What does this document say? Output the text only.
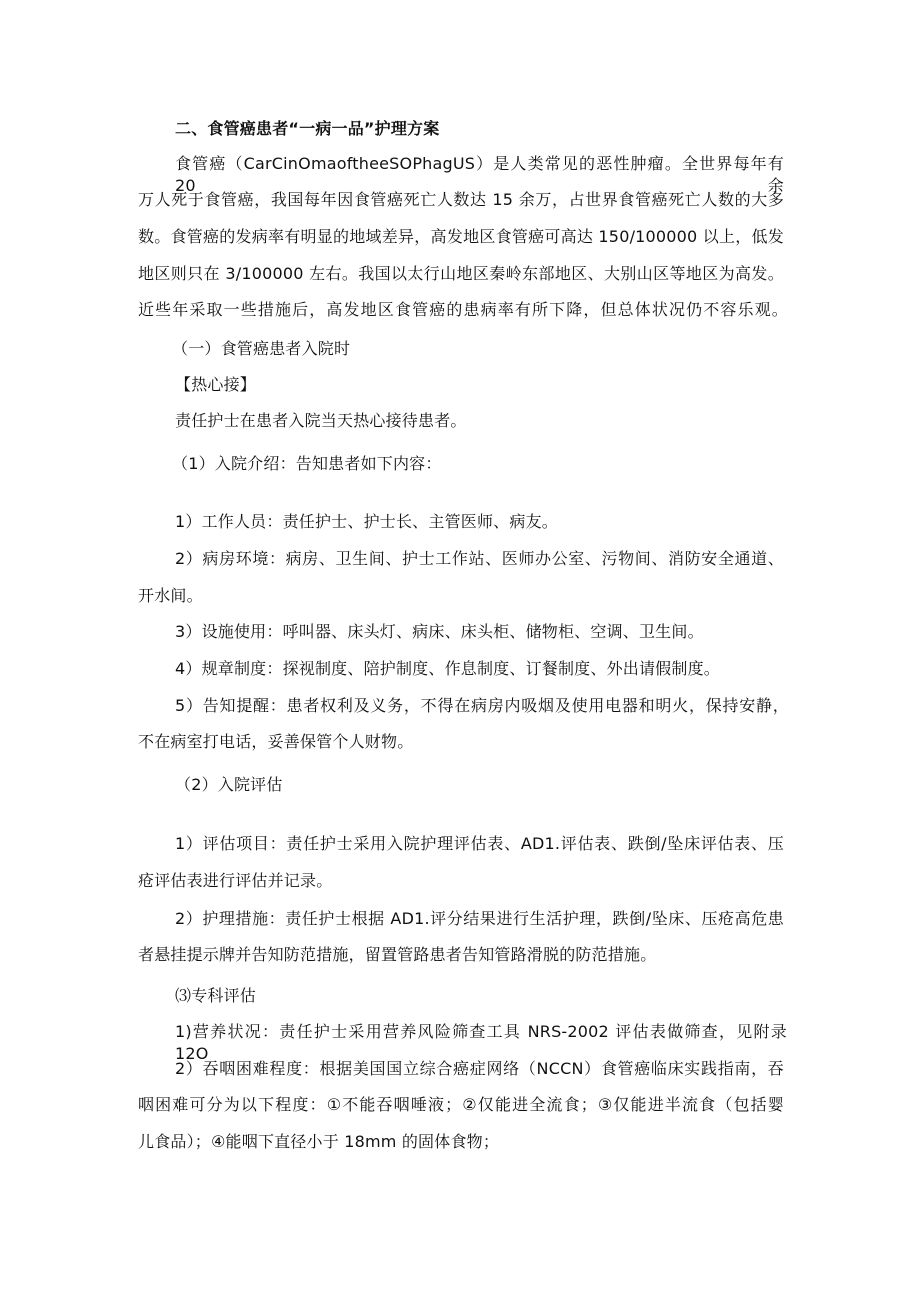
二、食管癌患者“一病一品”护理方案
食管癌（CarCinOmaoftheeSOPhagUS）是人类常见的恶性肿瘤。全世界每年有 20 余
万人死于食管癌，我国每年因食管癌死亡人数达 15 余万，占世界食管癌死亡人数的大多
数。食管癌的发病率有明显的地域差异，高发地区食管癌可高达 150/100000 以上，低发
地区则只在 3/100000 左右。我国以太行山地区秦岭东部地区、大别山区等地区为高发。
近些年采取一些措施后，高发地区食管癌的患病率有所下降，但总体状况仍不容乐观。
（一）食管癌患者入院时
【热心接】
责任护士在患者入院当天热心接待患者。
（1）入院介绍：告知患者如下内容：
1）工作人员：责任护士、护士长、主管医师、病友。
2）病房环境：病房、卫生间、护士工作站、医师办公室、污物间、消防安全通道、
开水间。
3）设施使用：呼叫器、床头灯、病床、床头柜、储物柜、空调、卫生间。
4）规章制度：探视制度、陪护制度、作息制度、订餐制度、外出请假制度。
5）告知提醒：患者权利及义务，不得在病房内吸烟及使用电器和明火，保持安静，
不在病室打电话，妥善保管个人财物。
（2）入院评估
1）评估项目：责任护士采用入院护理评估表、AD1.评估表、跌倒/坠床评估表、压
疮评估表进行评估并记录。
2）护理措施：责任护士根据 AD1.评分结果进行生活护理，跌倒/坠床、压疮高危患
者悬挂提示牌并告知防范措施，留置管路患者告知管路滑脱的防范措施。
⑶专科评估
1)营养状况：责任护士采用营养风险筛查工具 NRS-2002 评估表做筛查，见附录 12O
2）吞咽困难程度：根据美国国立综合癌症网络（NCCN）食管癌临床实践指南，吞
咽困难可分为以下程度：①不能吞咽唾液；②仅能进全流食；③仅能进半流食（包括婴
儿食品）；④能咽下直径小于 18mm 的固体食物；
